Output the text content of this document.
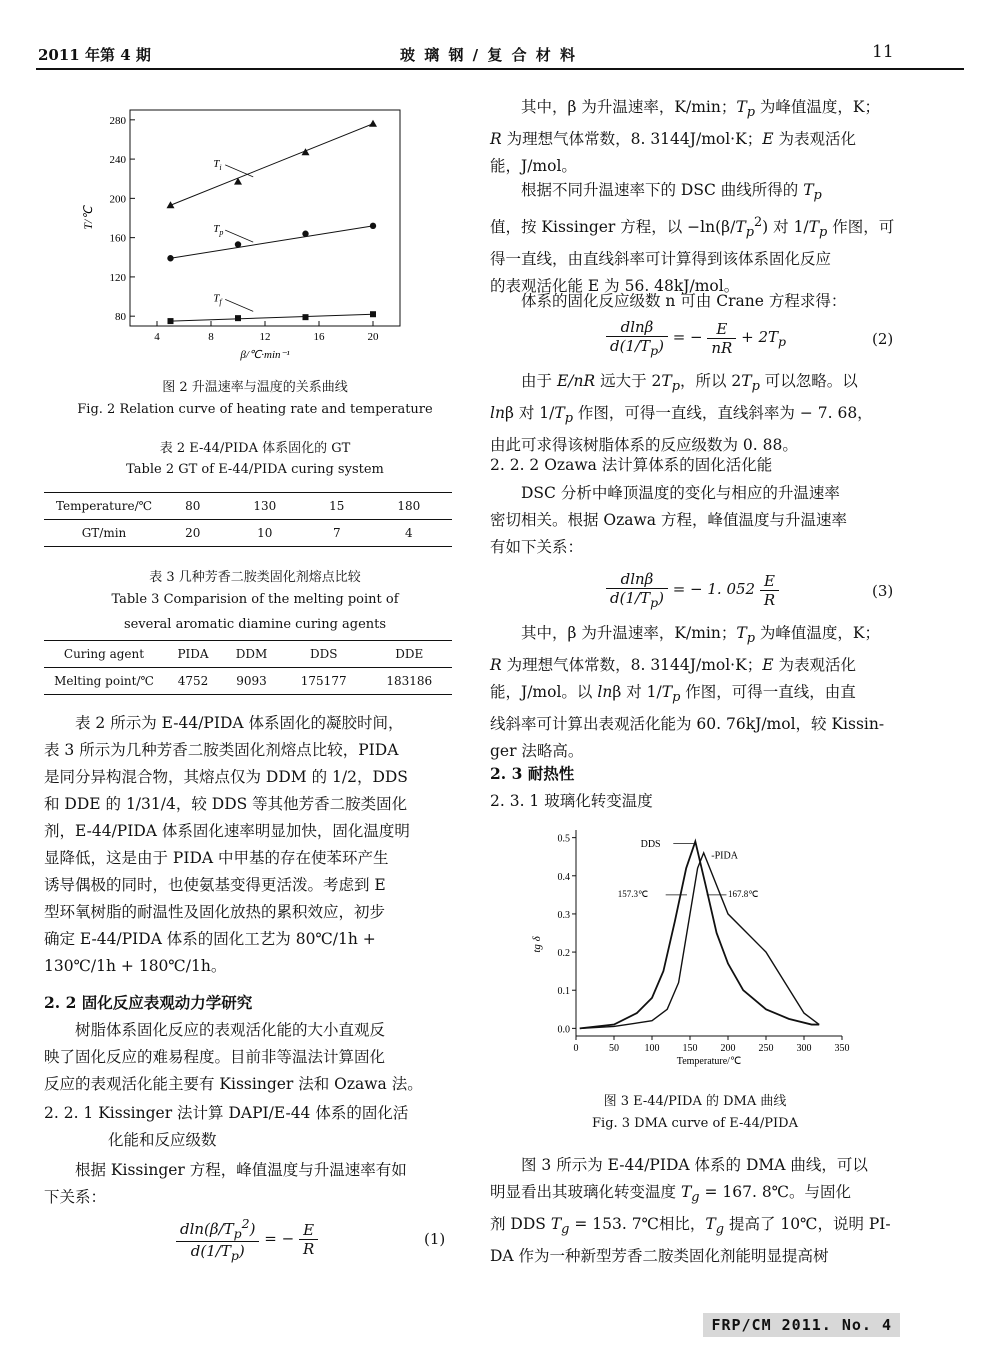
2011 年第 4 期	玻 璃 钢 / 复 合 材 料	11
4	8	12	16	20
80
120
160
200
240
280
β/℃·min⁻¹
T/℃
$T_i$
$T_p$
$T_f$
图 2 升温速率与温度的关系曲线
Fig. 2 Relation curve of heating rate and temperature
表 2 E-44/PIDA 体系固化的 GT
Table 2 GT of E-44/PIDA curing system
Temperature/℃	80	130	15	180
GT/min	20	10	7	4
表 3 几种芳香二胺类固化剂熔点比较
Table 3 Comparision of the melting point of
several aromatic diamine curing agents
Curing agent	PIDA	DDM	DDS	DDE
Melting point/℃	4752	9093	175177	183186
表 2 所示为 E-44/PIDA 体系固化的凝胶时间，
表 3 所示为几种芳香二胺类固化剂熔点比较，PIDA
是同分异构混合物，其熔点仅为 DDM 的 1/2，DDS
和 DDE 的 1/31/4，较 DDS 等其他芳香二胺类固化
剂，E-44/PIDA 体系固化速率明显加快，固化温度明
显降低，这是由于 PIDA 中甲基的存在使苯环产生
诱导偶极的同时，也使氨基变得更活泼。考虑到 E
型环氧树脂的耐温性及固化放热的累积效应，初步
确定 E-44/PIDA 体系的固化工艺为 80℃/1h +
130℃/1h + 180℃/1h。
2. 2 固化反应表观动力学研究
树脂体系固化反应的表观活化能的大小直观反
映了固化反应的难易程度。目前非等温法计算固化
反应的表观活化能主要有 Kissinger 法和 Ozawa 法。
2. 2. 1 Kissinger 法计算 DAPI/E-44 体系的固化活
化能和反应级数
根据 Kissinger 方程，峰值温度与升温速率有如
下关系：
$\frac{dln(\beta/T_p^2)}{d(1/T_p)}$ = − $\frac{E}{R}$	(1)
其中，β 为升温速率，K/min；$T_p$ 为峰值温度，K；
R 为理想气体常数，8. 3144J/mol·K；E 为表观活化
能，J/mol。
根据不同升温速率下的 DSC 曲线所得的 $T_p$
值，按 Kissinger 方程，以 $-\ln(\beta/T_p^2)$ 对 $1/T_p$ 作图，可
得一直线，由直线斜率可计算得到该体系固化反应
的表观活化能 E 为 56. 48kJ/mol。
体系的固化反应级数 n 可由 Crane 方程求得：
$\frac{dln\beta}{d(1/T_p)}$ = − $\frac{E}{nR} + 2T_p$	(2)
由于 E/nR 远大于 $2T_p$，所以 $2T_p$ 可以忽略。以
lnβ 对 $1/T_p$ 作图，可得一直线，直线斜率为 − 7. 68，
由此可求得该树脂体系的反应级数为 0. 88。
2. 2. 2 Ozawa 法计算体系的固化活化能
DSC 分析中峰顶温度的变化与相应的升温速率
密切相关。根据 Ozawa 方程，峰值温度与升温速率
有如下关系：
$\frac{dln\beta}{d(1/T_p)}$ = − 1. $052 \frac{E}{R}$	(3)
其中，β 为升温速率，K/min；$T_p$ 为峰值温度，K；
R 为理想气体常数，8. 3144J/mol·K；E 为表观活化
能，J/mol。以 lnβ 对 $1/T_p$ 作图，可得一直线，由直
线斜率可计算出表观活化能为 60. 76kJ/mol，较 Kissin-
ger 法略高。
2. 3 耐热性
2. 3. 1 玻璃化转变温度
0	50	100 150 200 250 300 350
0.0
0.1
0.2
0.3
0.4
0.5
Temperature/℃
tg δ
DDS
-PIDA
157.3℃	167.8℃
图 3 E-44/PIDA 的 DMA 曲线
Fig. 3 DMA curve of E-44/PIDA
图 3 所示为 E-44/PIDA 体系的 DMA 曲线，可以
明显看出其玻璃化转变温度 $T_g = 167$. 8℃。与固化
剂 DDS $T_g = 153$. 7℃相比，$T_g$ 提高了 10℃，说明 PI-
DA 作为一种新型芳香二胺类固化剂能明显提高树
FRP/CM 2011. No. 4
